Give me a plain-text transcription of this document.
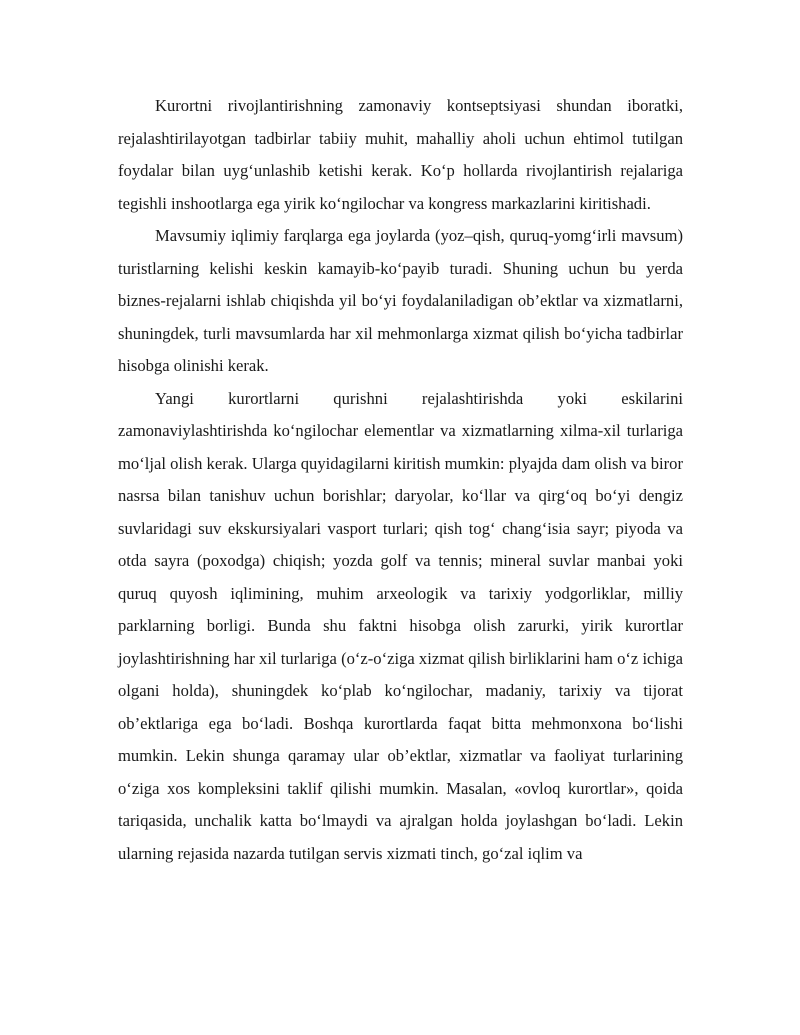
Kurortni rivojlantirishning zamonaviy kontseptsiyasi shundan iboratki, rejalashtirilayotgan tadbirlar tabiiy muhit, mahalliy aholi uchun ehtimol tutilgan foydalar bilan uyg‘unlashib ketishi kerak. Ko‘p hollarda rivojlantirish rejalariga tegishli inshootlarga ega yirik ko‘ngilochar va kongress markazlarini kiritishadi.

Mavsumiy iqlimiy farqlarga ega joylarda (yoz–qish, quruq-yomg‘irli mavsum) turistlarning kelishi keskin kamayib-ko‘payib turadi. Shuning uchun bu yerda biznes-rejalarni ishlab chiqishda yil bo‘yi foydalaniladigan ob’ektlar va xizmatlarni, shuningdek, turli mavsumlarda har xil mehmonlarga xizmat qilish bo‘yicha tadbirlar hisobga olinishi kerak.

Yangi kurortlarni qurishni rejalashtirishda yoki eskilarini zamonaviylashtirishda ko‘ngilochar elementlar va xizmatlarning xilma-xil turlariga mo‘ljal olish kerak. Ularga quyidagilarni kiritish mumkin: plyajda dam olish va biror nasrsa bilan tanishuv uchun borishlar; daryolar, ko‘llar va qirg‘oq bo‘yi dengiz suvlaridagi suv ekskursiyalari vasport turlari; qish tog‘ chang‘isia sayr; piyoda va otda sayra (poxodga) chiqish; yozda golf va tennis; mineral suvlar manbai yoki quruq quyosh iqlimining, muhim arxeologik va tarixiy yodgorliklar, milliy parklarning borligi. Bunda shu faktni hisobga olish zarurki, yirik kurortlar joylashtirishning har xil turlariga (o‘z-o‘ziga xizmat qilish birliklarini ham o‘z ichiga olgani holda), shuningdek ko‘plab ko‘ngilochar, madaniy, tarixiy va tijorat ob’ektlariga ega bo‘ladi. Boshqa kurortlarda faqat bitta mehmonxona bo‘lishi mumkin. Lekin shunga qaramay ular ob’ektlar, xizmatlar va faoliyat turlarining o‘ziga xos kompleksini taklif qilishi mumkin. Masalan, «ovloq kurortlar», qoida tariqasida, unchalik katta bo‘lmaydi va ajralgan holda joylashgan bo‘ladi. Lekin ularning rejasida nazarda tutilgan servis xizmati tinch, go‘zal iqlim va
